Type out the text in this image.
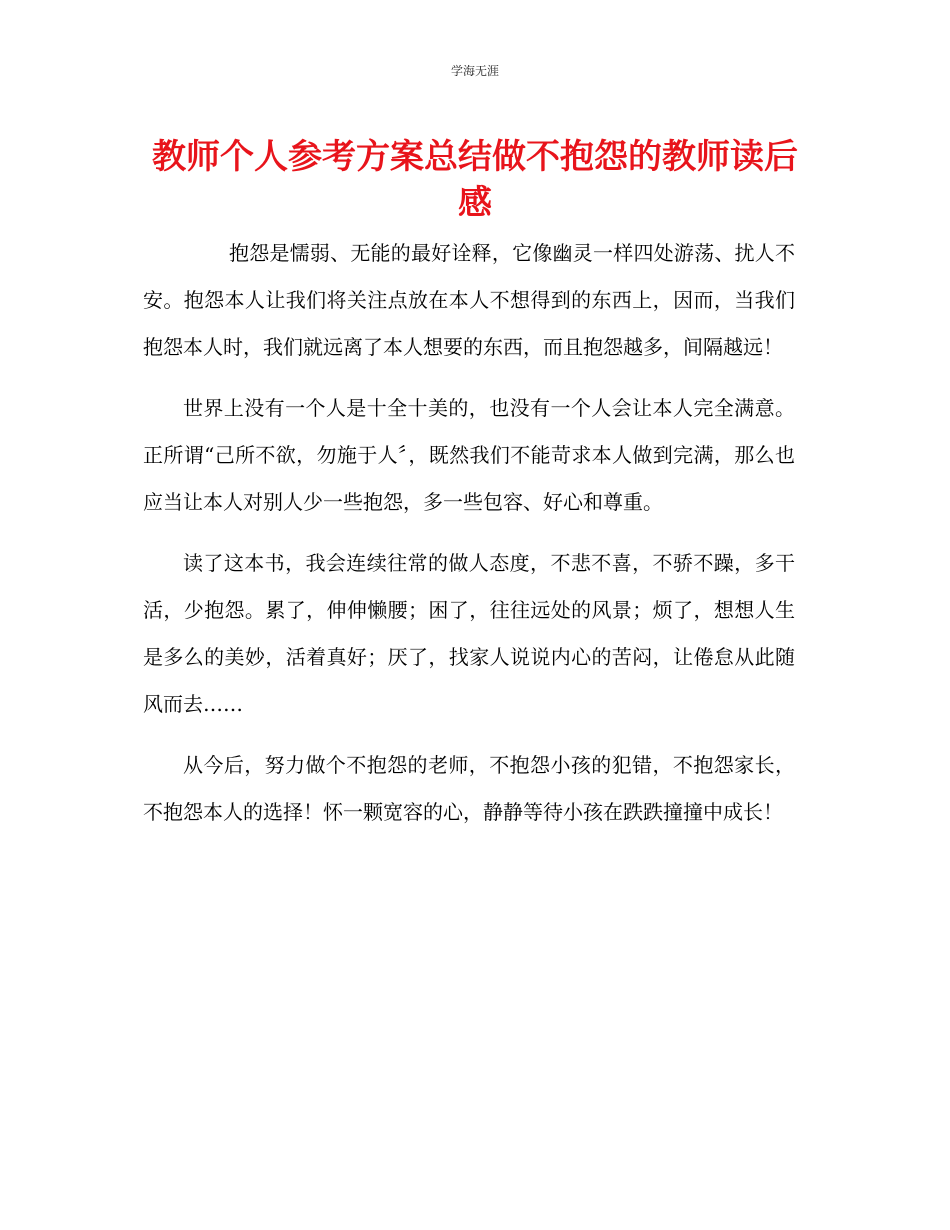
学海无涯
教师个人参考方案总结做不抱怨的教师读后感

抱怨是懦弱、无能的最好诠释，它像幽灵一样四处游荡、扰人不安。抱怨本人让我们将关注点放在本人不想得到的东西上，因而，当我们抱怨本人时，我们就远离了本人想要的东西，而且抱怨越多，间隔越远！

世界上没有一个人是十全十美的，也没有一个人会让本人完全满意。正所谓“己所不欲，勿施于人〞，既然我们不能苛求本人做到完满，那么也应当让本人对别人少一些抱怨，多一些包容、好心和尊重。

读了这本书，我会连续往常的做人态度，不悲不喜，不骄不躁，多干活，少抱怨。累了，伸伸懒腰；困了，往往远处的风景；烦了，想想人生是多么的美妙，活着真好；厌了，找家人说说内心的苦闷，让倦怠从此随风而去……

从今后，努力做个不抱怨的老师，不抱怨小孩的犯错，不抱怨家长，不抱怨本人的选择！怀一颗宽容的心，静静等待小孩在跌跌撞撞中成长！
